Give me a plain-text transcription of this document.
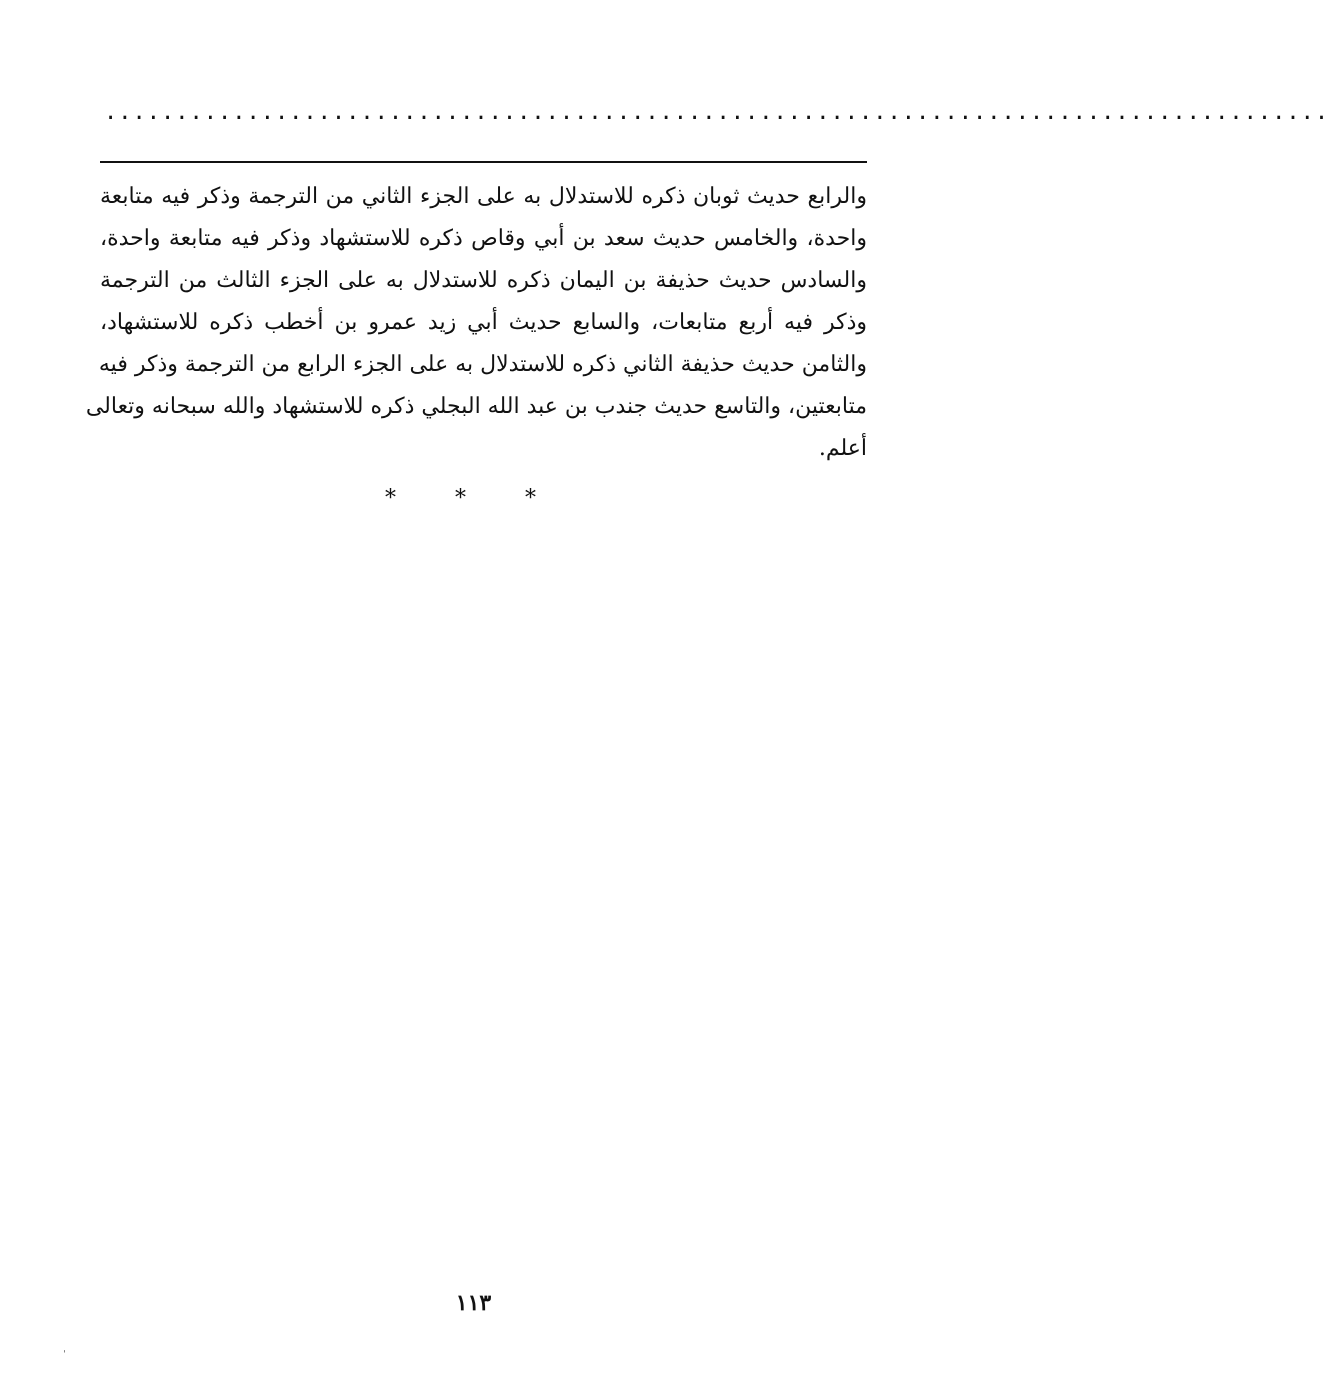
......................................................................................
والرابع حديث ثوبان ذكره للاستدلال به على الجزء الثاني من الترجمة وذكر فيه متابعة
واحدة، والخامس حديث سعد بن أبي وقاص ذكره للاستشهاد وذكر فيه متابعة واحدة،
والسادس حديث حذيفة بن اليمان ذكره للاستدلال به على الجزء الثالث من الترجمة
وذكر فيه أربع متابعات، والسابع حديث أبي زيد عمرو بن أخطب ذكره للاستشهاد،
والثامن حديث حذيفة الثاني ذكره للاستدلال به على الجزء الرابع من الترجمة وذكر فيه
متابعتين، والتاسع حديث جندب بن عبد الله البجلي ذكره للاستشهاد والله سبحانه وتعالى
أعلم.
* * *
١١٣
ˈ
